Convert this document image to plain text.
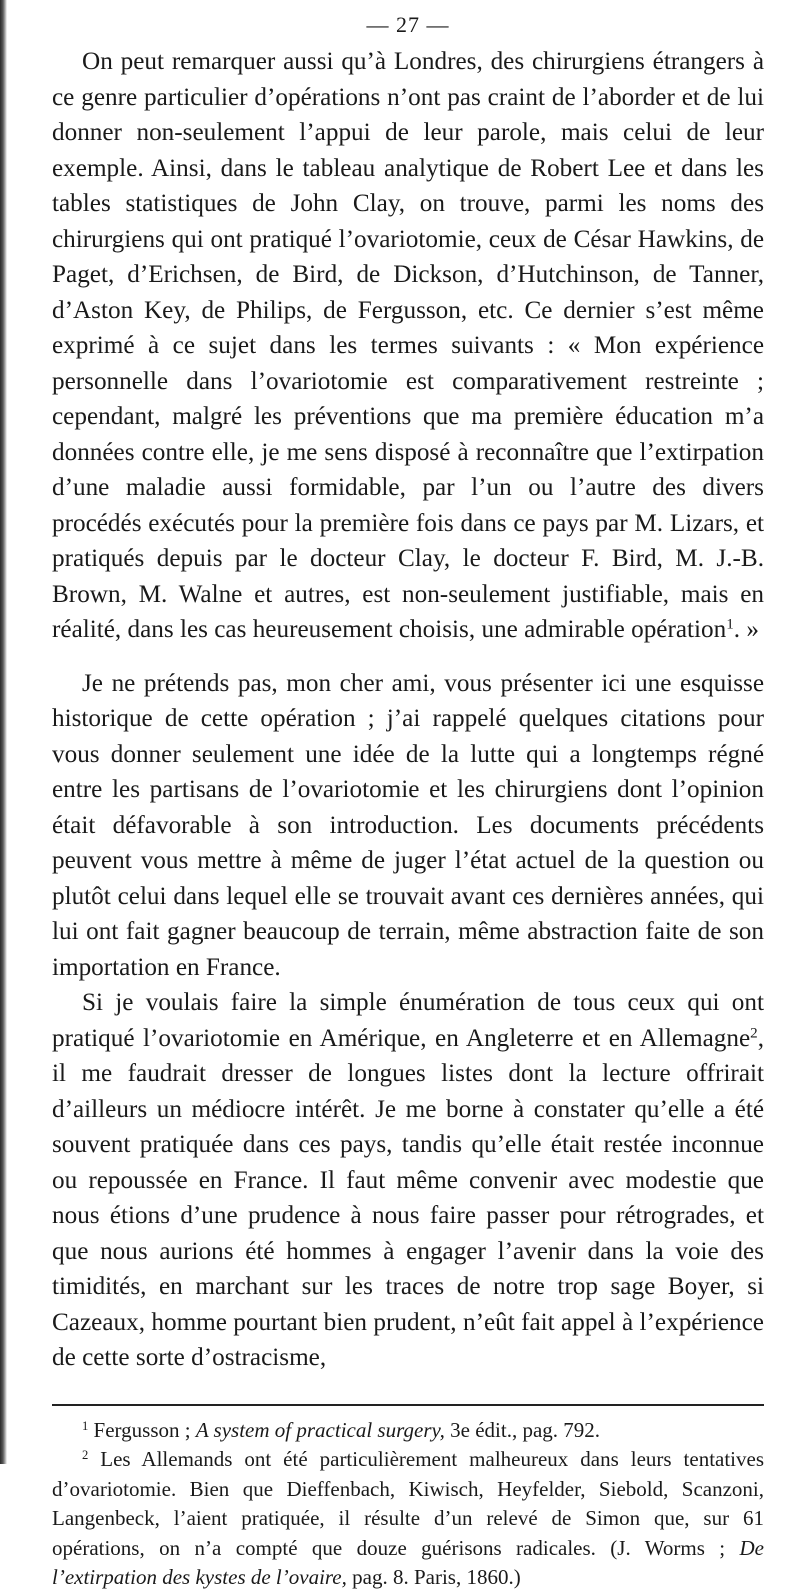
— 27 —

On peut remarquer aussi qu’à Londres, des chirurgiens étrangers à ce genre particulier d’opérations n’ont pas craint de l’aborder et de lui donner non-seulement l’appui de leur parole, mais celui de leur exemple. Ainsi, dans le tableau analytique de Robert Lee et dans les tables statistiques de John Clay, on trouve, parmi les noms des chirurgiens qui ont pratiqué l’ovariotomie, ceux de César Hawkins, de Paget, d’Erichsen, de Bird, de Dickson, d’Hutchinson, de Tanner, d’Aston Key, de Philips, de Fergusson, etc. Ce dernier s’est même exprimé à ce sujet dans les termes suivants : « Mon expérience personnelle dans l’ovariotomie est comparativement restreinte ; cependant, malgré les préventions que ma première éducation m’a données contre elle, je me sens disposé à reconnaître que l’extirpation d’une maladie aussi formidable, par l’un ou l’autre des divers procédés exécutés pour la première fois dans ce pays par M. Lizars, et pratiqués depuis par le docteur Clay, le docteur F. Bird, M. J.-B. Brown, M. Walne et autres, est non-seulement justifiable, mais en réalité, dans les cas heureusement choisis, une admirable opération$^1$. »

Je ne prétends pas, mon cher ami, vous présenter ici une esquisse historique de cette opération ; j’ai rappelé quelques citations pour vous donner seulement une idée de la lutte qui a longtemps régné entre les partisans de l’ovariotomie et les chirurgiens dont l’opinion était défavorable à son introduction. Les documents précédents peuvent vous mettre à même de juger l’état actuel de la question ou plutôt celui dans lequel elle se trouvait avant ces dernières années, qui lui ont fait gagner beaucoup de terrain, même abstraction faite de son importation en France.

Si je voulais faire la simple énumération de tous ceux qui ont pratiqué l’ovariotomie en Amérique, en Angleterre et en Allemagne$^2$, il me faudrait dresser de longues listes dont la lecture offrirait d’ailleurs un médiocre intérêt. Je me borne à constater qu’elle a été souvent pratiquée dans ces pays, tandis qu’elle était restée inconnue ou repoussée en France. Il faut même convenir avec modestie que nous étions d’une prudence à nous faire passer pour rétrogrades, et que nous aurions été hommes à engager l’avenir dans la voie des timidités, en marchant sur les traces de notre trop sage Boyer, si Cazeaux, homme pourtant bien prudent, n’eût fait appel à l’expérience de cette sorte d’ostracisme,

$^1$ Fergusson ; A system of practical surgery, 3e édit., pag. 792.

$^2$ Les Allemands ont été particulièrement malheureux dans leurs tentatives d’ovariotomie. Bien que Dieffenbach, Kiwisch, Heyfelder, Siebold, Scanzoni, Langenbeck, l’aient pratiquée, il résulte d’un relevé de Simon que, sur 61 opérations, on n’a compté que douze guérisons radicales. (J. Worms ; De l’extirpation des kystes de l’ovaire, pag. 8. Paris, 1860.)
